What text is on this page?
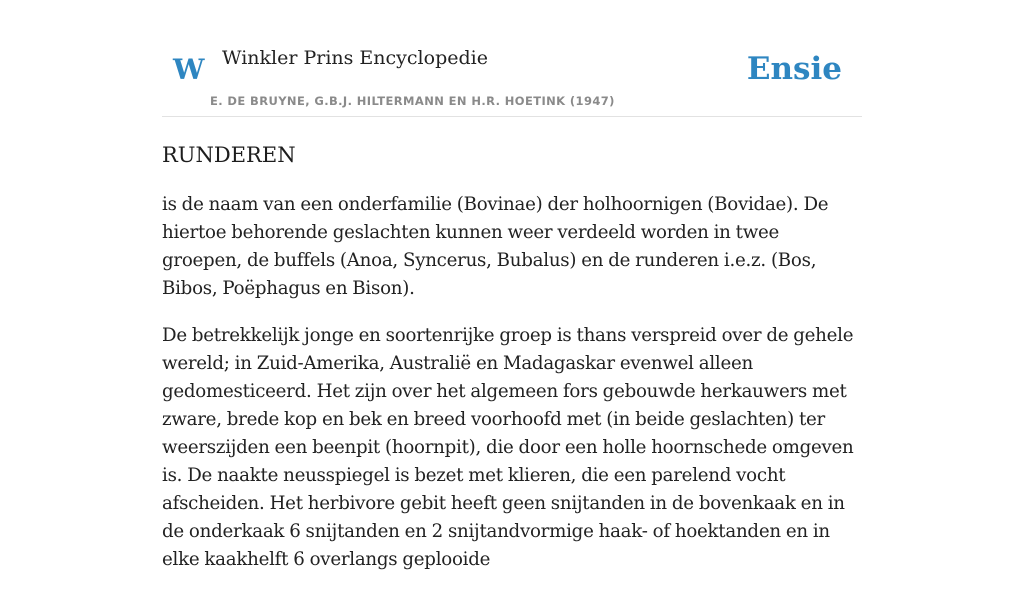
W Winkler Prins Encyclopedie
E. DE BRUYNE, G.B.J. HILTERMANN EN H.R. HOETINK (1947)
Ensie
RUNDEREN

is de naam van een onderfamilie (Bovinae) der holhoornigen (Bovidae). De hiertoe behorende geslachten kunnen weer verdeeld worden in twee groepen, de buffels (Anoa, Syncerus, Bubalus) en de runderen i.e.z. (Bos, Bibos, Poëphagus en Bison).

De betrekkelijk jonge en soortenrijke groep is thans verspreid over de gehele wereld; in Zuid-Amerika, Australië en Madagaskar evenwel alleen gedomesticeerd. Het zijn over het algemeen fors gebouwde herkauwers met zware, brede kop en bek en breed voorhoofd met (in beide geslachten) ter weerszijden een beenpit (hoornpit), die door een holle hoornschede omgeven is. De naakte neusspiegel is bezet met klieren, die een parelend vocht afscheiden. Het herbivore gebit heeft geen snijtanden in de bovenkaak en in de onderkaak 6 snijtanden en 2 snijtandvormige haak- of hoektanden en in elke kaakhelft 6 overlangs geplooide
